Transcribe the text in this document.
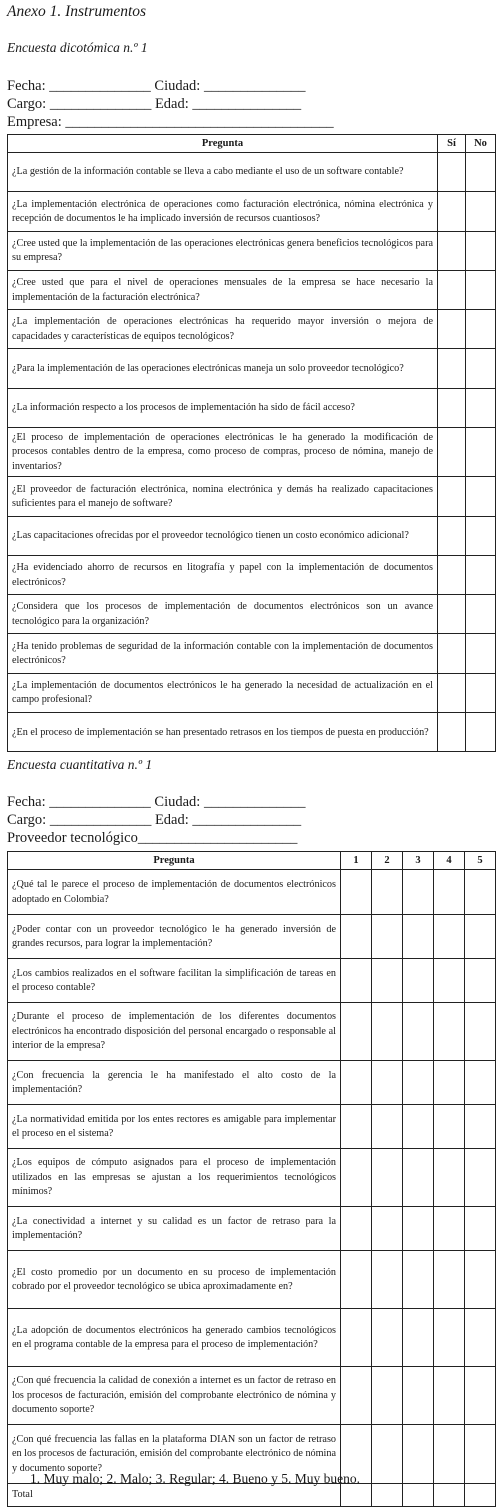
Anexo 1. Instrumentos
Encuesta dicotómica n.º 1
Fecha: ______________ Ciudad: ______________
Cargo: ______________ Edad: _______________
Empresa: _____________________________________
Pregunta	Sí	No
¿La gestión de la información contable se lleva a cabo mediante el uso de un software contable?		
¿La implementación electrónica de operaciones como facturación electrónica, nómina electrónica y recepción de documentos le ha implicado inversión de recursos cuantiosos?		
¿Cree usted que la implementación de las operaciones electrónicas genera beneficios tecnológicos para su empresa?		
¿Cree usted que para el nivel de operaciones mensuales de la empresa se hace necesario la implementación de la facturación electrónica?		
¿La implementación de operaciones electrónicas ha requerido mayor inversión o mejora de capacidades y características de equipos tecnológicos?		
¿Para la implementación de las operaciones electrónicas maneja un solo proveedor tecnológico?		
¿La información respecto a los procesos de implementación ha sido de fácil acceso?		
¿El proceso de implementación de operaciones electrónicas le ha generado la modificación de procesos contables dentro de la empresa, como proceso de compras, proceso de nómina, manejo de inventarios?		
¿El proveedor de facturación electrónica, nomina electrónica y demás ha realizado capacitaciones suficientes para el manejo de software?		
¿Las capacitaciones ofrecidas por el proveedor tecnológico tienen un costo económico adicional?		
¿Ha evidenciado ahorro de recursos en litografía y papel con la implementación de documentos electrónicos?		
¿Considera que los procesos de implementación de documentos electrónicos son un avance tecnológico para la organización?		
¿Ha tenido problemas de seguridad de la información contable con la implementación de documentos electrónicos?		
¿La implementación de documentos electrónicos le ha generado la necesidad de actualización en el campo profesional?		
¿En el proceso de implementación se han presentado retrasos en los tiempos de puesta en producción?		
Encuesta cuantitativa n.º 1
Fecha: ______________ Ciudad: ______________
Cargo: ______________ Edad: _______________
Proveedor tecnológico______________________
Pregunta	1	2	3	4	5
¿Qué tal le parece el proceso de implementación de documentos electrónicos adoptado en Colombia?					
¿Poder contar con un proveedor tecnológico le ha generado inversión de grandes recursos, para lograr la implementación?					
¿Los cambios realizados en el software facilitan la simplificación de tareas en el proceso contable?					
¿Durante el proceso de implementación de los diferentes documentos electrónicos ha encontrado disposición del personal encargado o responsable al interior de la empresa?					
¿Con frecuencia la gerencia le ha manifestado el alto costo de la implementación?					
¿La normatividad emitida por los entes rectores es amigable para implementar el proceso en el sistema?					
¿Los equipos de cómputo asignados para el proceso de implementación utilizados en las empresas se ajustan a los requerimientos tecnológicos mínimos?					
¿La conectividad a internet y su calidad es un factor de retraso para la implementación?					
¿El costo promedio por un documento en su proceso de implementación cobrado por el proveedor tecnológico se ubica aproximadamente en?					
¿La adopción de documentos electrónicos ha generado cambios tecnológicos en el programa contable de la empresa para el proceso de implementación?					
¿Con qué frecuencia la calidad de conexión a internet es un factor de retraso en los procesos de facturación, emisión del comprobante electrónico de nómina y documento soporte?					
¿Con qué frecuencia las fallas en la plataforma DIAN son un factor de retraso en los procesos de facturación, emisión del comprobante electrónico de nómina y documento soporte?					
Total					
1. Muy malo; 2. Malo; 3. Regular; 4. Bueno y 5. Muy bueno.
